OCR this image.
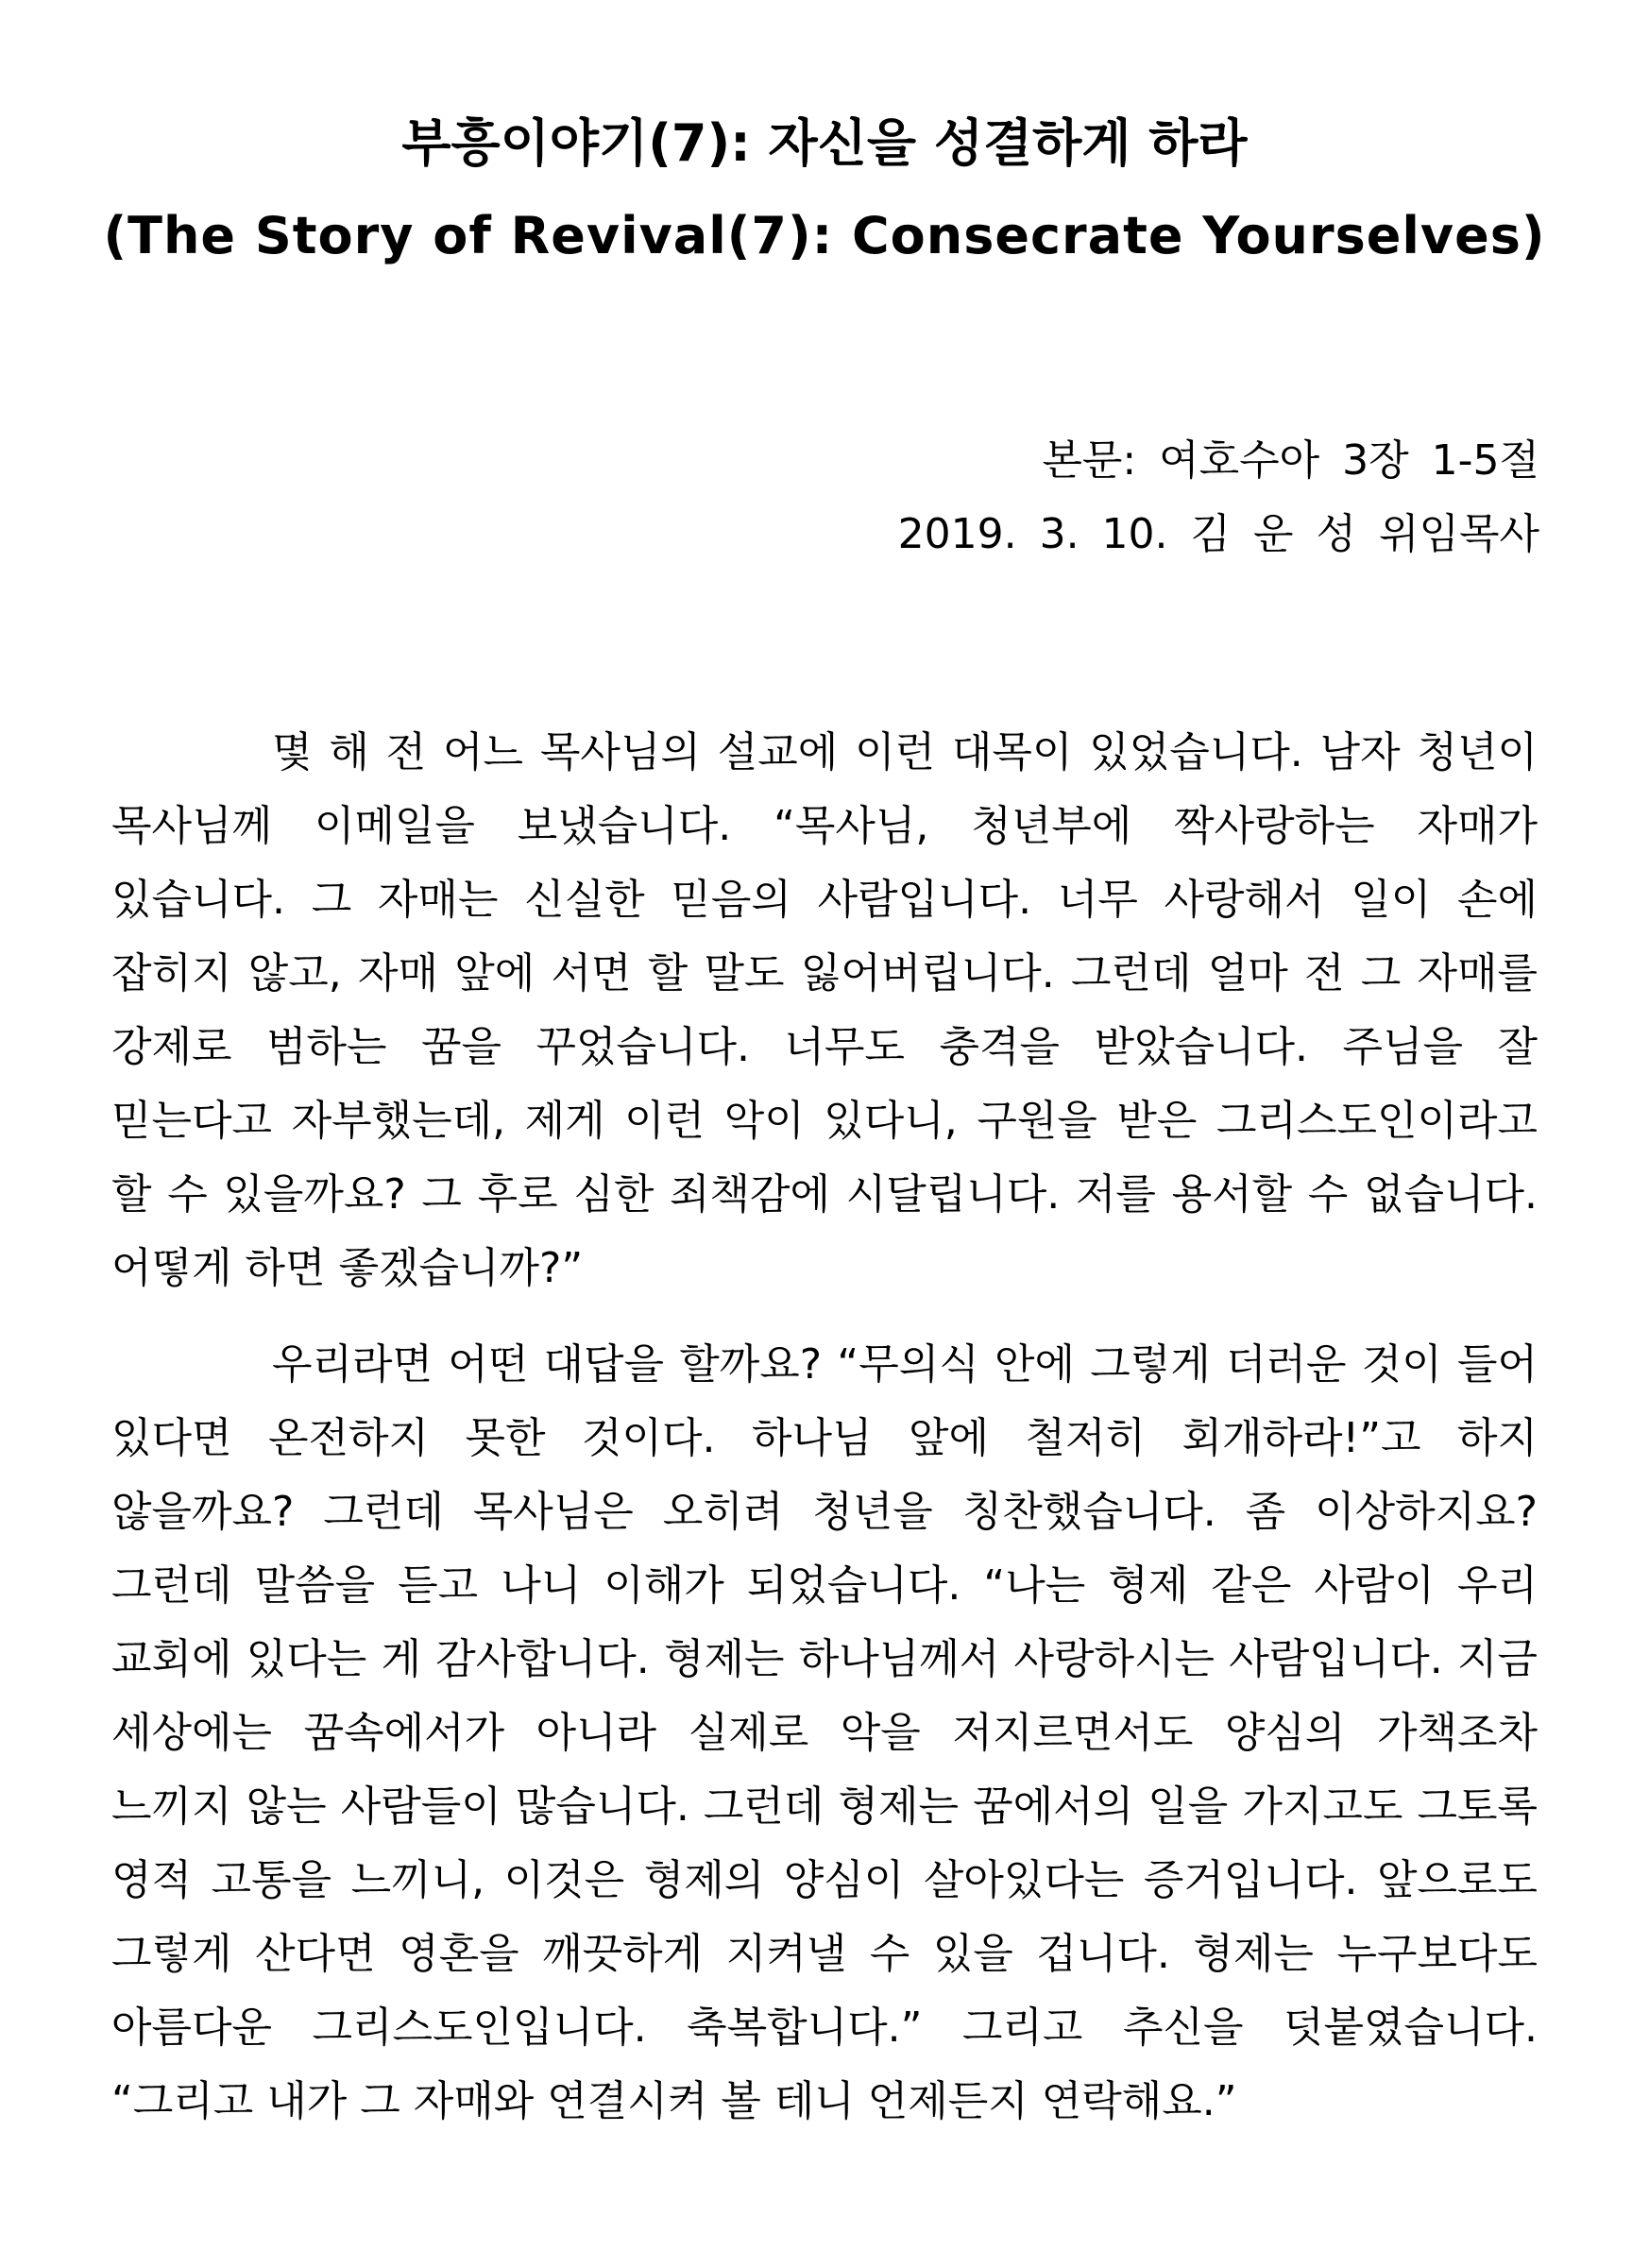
부흥이야기(7): 자신을 성결하게 하라
(The Story of Revival(7): Consecrate Yourselves)
본문: 여호수아 3장 1-5절
2019. 3. 10. 김 운 성 위임목사

몇 해 전 어느 목사님의 설교에 이런 대목이 있었습니다. 남자 청년이 목사님께 이메일을 보냈습니다. “목사님, 청년부에 짝사랑하는 자매가 있습니다. 그 자매는 신실한 믿음의 사람입니다. 너무 사랑해서 일이 손에 잡히지 않고, 자매 앞에 서면 할 말도 잃어버립니다. 그런데 얼마 전 그 자매를 강제로 범하는 꿈을 꾸었습니다. 너무도 충격을 받았습니다. 주님을 잘 믿는다고 자부했는데, 제게 이런 악이 있다니, 구원을 받은 그리스도인이라고 할 수 있을까요? 그 후로 심한 죄책감에 시달립니다. 저를 용서할 수 없습니다. 어떻게 하면 좋겠습니까?”

우리라면 어떤 대답을 할까요? “무의식 안에 그렇게 더러운 것이 들어 있다면 온전하지 못한 것이다. 하나님 앞에 철저히 회개하라!”고 하지 않을까요? 그런데 목사님은 오히려 청년을 칭찬했습니다. 좀 이상하지요? 그런데 말씀을 듣고 나니 이해가 되었습니다. “나는 형제 같은 사람이 우리 교회에 있다는 게 감사합니다. 형제는 하나님께서 사랑하시는 사람입니다. 지금 세상에는 꿈속에서가 아니라 실제로 악을 저지르면서도 양심의 가책조차 느끼지 않는 사람들이 많습니다. 그런데 형제는 꿈에서의 일을 가지고도 그토록 영적 고통을 느끼니, 이것은 형제의 양심이 살아있다는 증거입니다. 앞으로도 그렇게 산다면 영혼을 깨끗하게 지켜낼 수 있을 겁니다. 형제는 누구보다도 아름다운 그리스도인입니다. 축복합니다.” 그리고 추신을 덧붙였습니다. “그리고 내가 그 자매와 연결시켜 볼 테니 언제든지 연락해요.”
